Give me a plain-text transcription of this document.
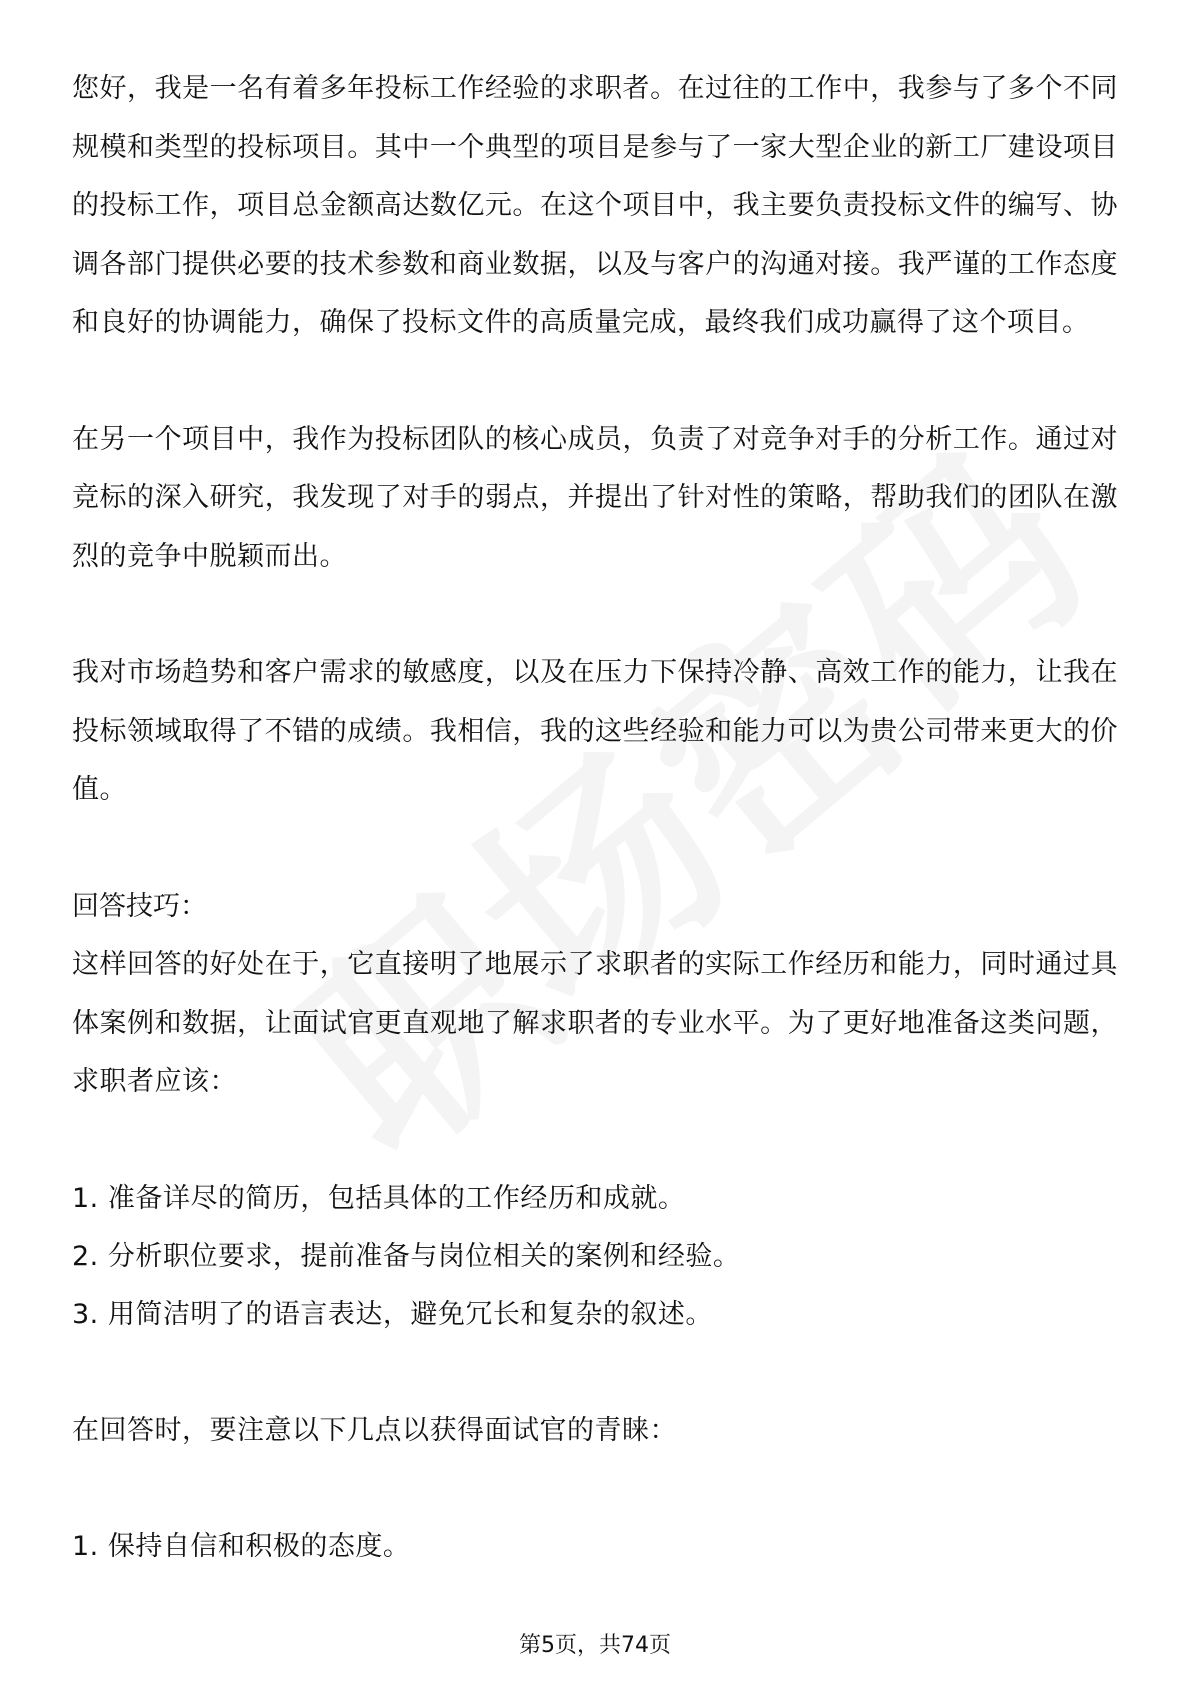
您好，我是一名有着多年投标工作经验的求职者。在过往的工作中，我参与了多个不同规模和类型的投标项目。其中一个典型的项目是参与了一家大型企业的新工厂建设项目的投标工作，项目总金额高达数亿元。在这个项目中，我主要负责投标文件的编写、协调各部门提供必要的技术参数和商业数据，以及与客户的沟通对接。我严谨的工作态度和良好的协调能力，确保了投标文件的高质量完成，最终我们成功赢得了这个项目。

在另一个项目中，我作为投标团队的核心成员，负责了对竞争对手的分析工作。通过对竞标的深入研究，我发现了对手的弱点，并提出了针对性的策略，帮助我们的团队在激烈的竞争中脱颖而出。

我对市场趋势和客户需求的敏感度，以及在压力下保持冷静、高效工作的能力，让我在投标领域取得了不错的成绩。我相信，我的这些经验和能力可以为贵公司带来更大的价值。

回答技巧：

这样回答的好处在于，它直接明了地展示了求职者的实际工作经历和能力，同时通过具体案例和数据，让面试官更直观地了解求职者的专业水平。为了更好地准备这类问题，求职者应该：

1. 准备详尽的简历，包括具体的工作经历和成就。
2. 分析职位要求，提前准备与岗位相关的案例和经验。
3. 用简洁明了的语言表达，避免冗长和复杂的叙述。

在回答时，要注意以下几点以获得面试官的青睐：

1. 保持自信和积极的态度。
第5页，共74页
